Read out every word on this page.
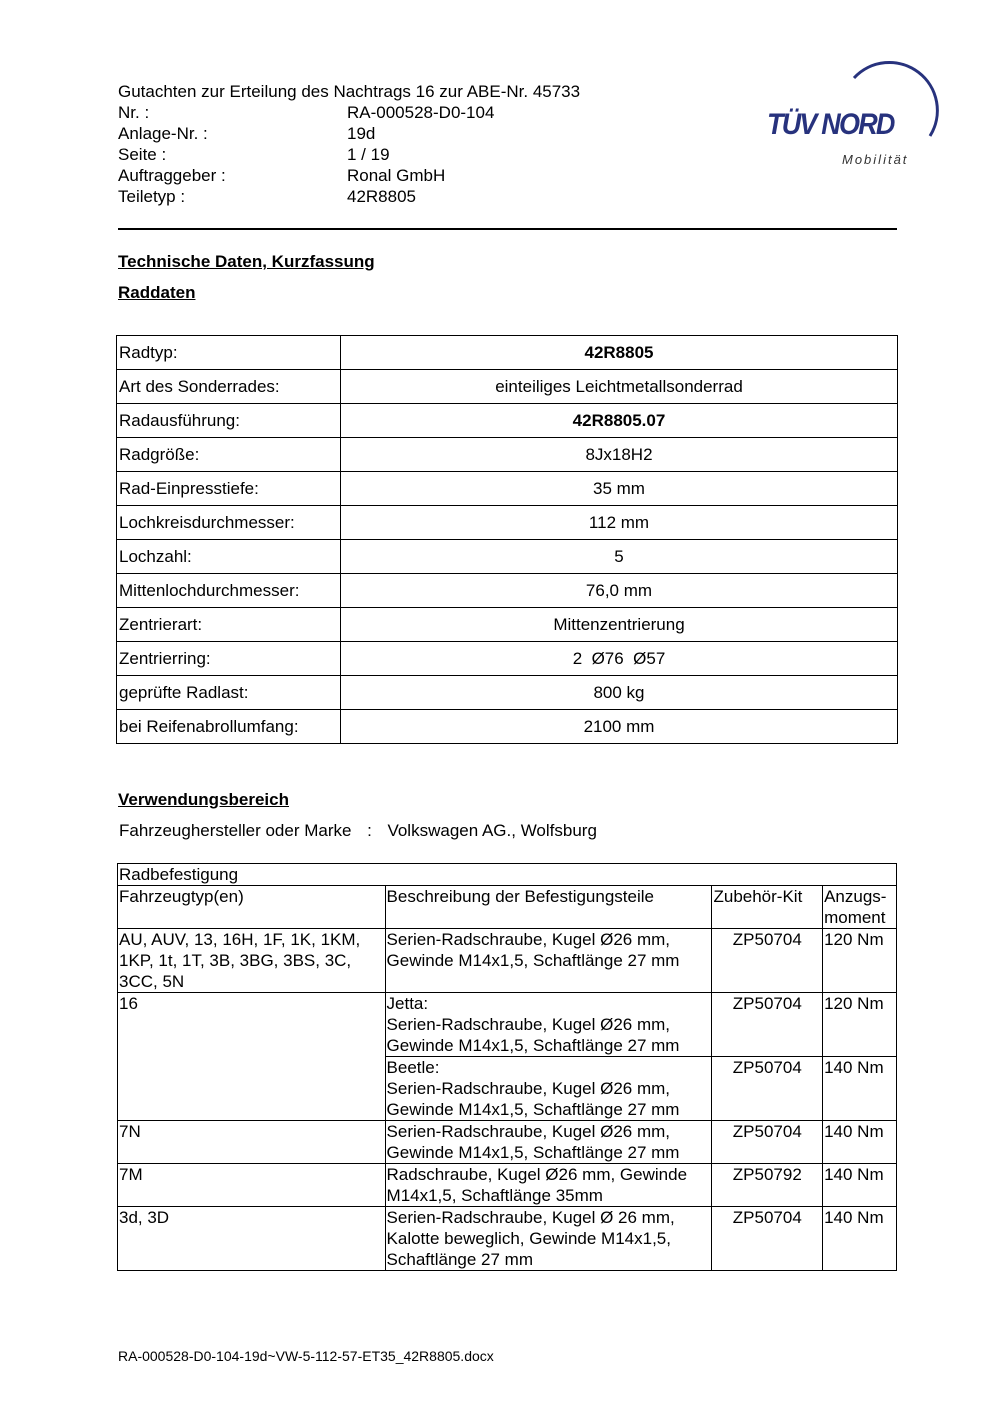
Gutachten zur Erteilung des Nachtrags 16 zur ABE-Nr. 45733
Nr. :	RA-000528-D0-104
Anlage-Nr. :	19d
Seite :	1 / 19
Auftraggeber :	Ronal GmbH
Teiletyp :	42R8805
TÜV NORD
Mobilität
Technische Daten, Kurzfassung
Raddaten
Radtyp:	42R8805
Art des Sonderrades:	einteiliges Leichtmetallsonderrad
Radausführung:	42R8805.07
Radgröße:	8Jx18H2
Rad-Einpresstiefe:	35 mm
Lochkreisdurchmesser:	112 mm
Lochzahl:	5
Mittenlochdurchmesser:	76,0 mm
Zentrierart:	Mittenzentrierung
Zentrierring:	2  Ø76  Ø57
geprüfte Radlast:	800 kg
bei Reifenabrollumfang:	2100 mm
Verwendungsbereich
Fahrzeughersteller oder Marke : Volkswagen AG., Wolfsburg
Radbefestigung			
Fahrzeugtyp(en)	Beschreibung der Befestigungsteile	Zubehör-Kit	Anzugs-
moment
AU, AUV, 13, 16H, 1F, 1K, 1KM,
1KP, 1t, 1T, 3B, 3BG, 3BS, 3C,
3CC, 5N	Serien-Radschraube, Kugel Ø26 mm,
Gewinde M14x1,5, Schaftlänge 27 mm	ZP50704	120 Nm
16	Jetta:
Serien-Radschraube, Kugel Ø26 mm,
Gewinde M14x1,5, Schaftlänge 27 mm	ZP50704	120 Nm
	Beetle:
Serien-Radschraube, Kugel Ø26 mm,
Gewinde M14x1,5, Schaftlänge 27 mm	ZP50704	140 Nm
7N	Serien-Radschraube, Kugel Ø26 mm,
Gewinde M14x1,5, Schaftlänge 27 mm	ZP50704	140 Nm
7M	Radschraube, Kugel Ø26 mm, Gewinde
M14x1,5, Schaftlänge 35mm	ZP50792	140 Nm
3d, 3D	Serien-Radschraube, Kugel Ø 26 mm,
Kalotte beweglich, Gewinde M14x1,5,
Schaftlänge 27 mm	ZP50704	140 Nm
RA-000528-D0-104-19d~VW-5-112-57-ET35_42R8805.docx
